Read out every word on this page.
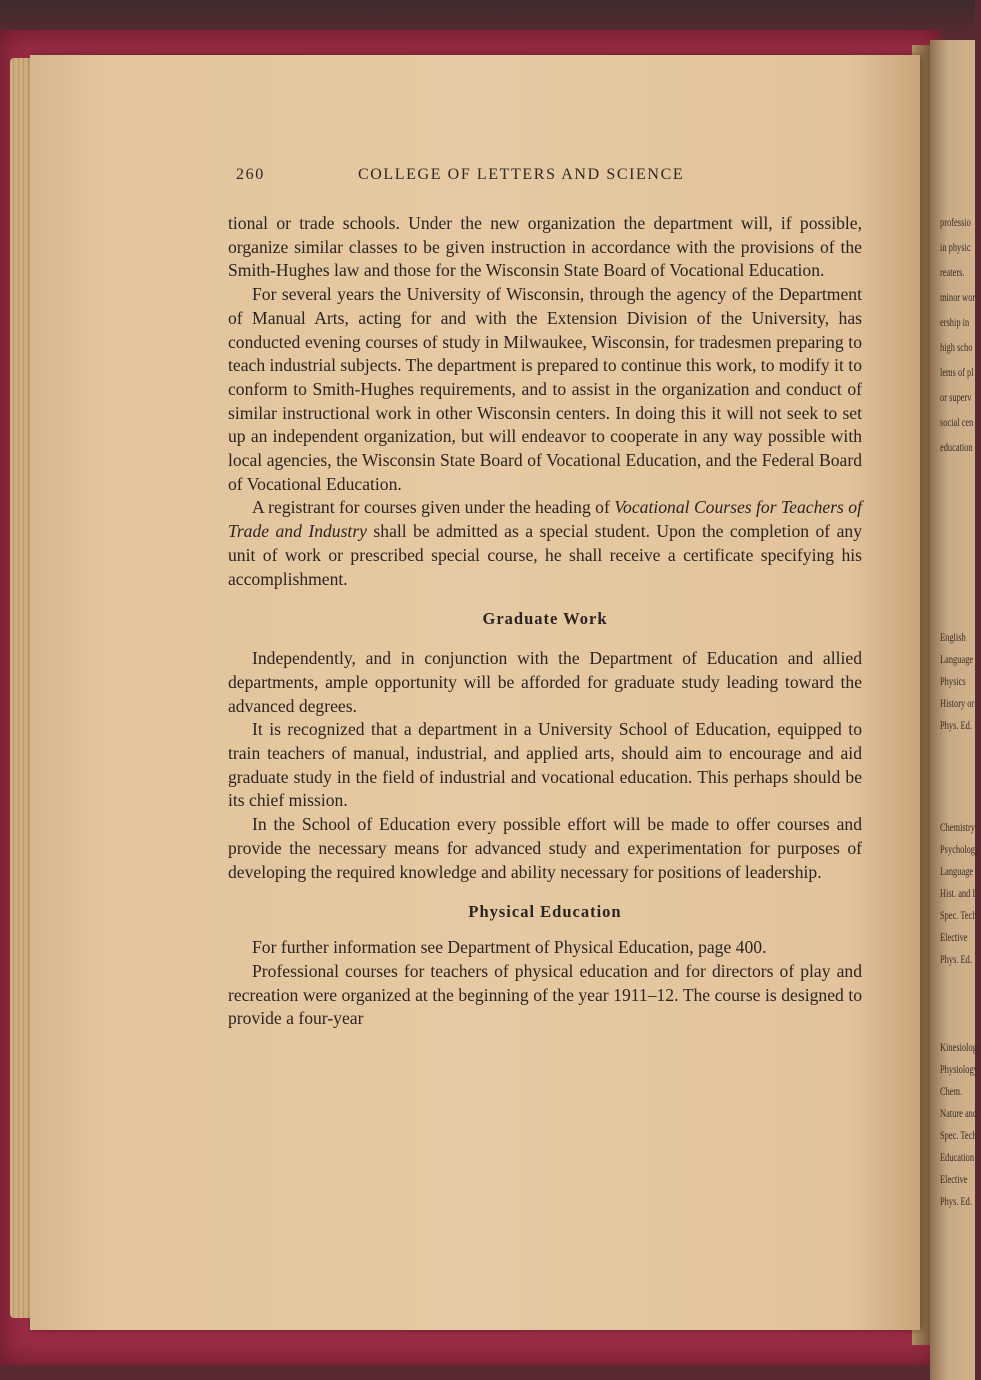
professio
in physic
reaters.
minor wor
ership in
high scho
lems of pl
or superv
social cen
education
English
Language
Physics
History or
Phys. Ed.
Chemistry
Psychology
Language
Hist. and I
Spec. Tech
Elective
Phys. Ed.
Kinesiology
Physiology
Chem.
Nature and
Spec. Tech
Education
Elective
Phys. Ed.
260	COLLEGE OF LETTERS AND SCIENCE

tional or trade schools. Under the new organization the department will, if possible, organize similar classes to be given instruction in accordance with the provisions of the Smith-Hughes law and those for the Wisconsin State Board of Vocational Education.

For several years the University of Wisconsin, through the agency of the Department of Manual Arts, acting for and with the Extension Division of the University, has conducted evening courses of study in Milwaukee, Wisconsin, for tradesmen preparing to teach industrial subjects. The department is prepared to continue this work, to modify it to conform to Smith-Hughes requirements, and to assist in the organization and conduct of similar instructional work in other Wisconsin centers. In doing this it will not seek to set up an independent organization, but will endeavor to cooperate in any way possible with local agencies, the Wisconsin State Board of Vocational Education, and the Federal Board of Vocational Education.

A registrant for courses given under the heading of Vocational Courses for Teachers of Trade and Industry shall be admitted as a special student. Upon the completion of any unit of work or prescribed special course, he shall receive a certificate specifying his accomplishment.

Graduate Work

Independently, and in conjunction with the Department of Education and allied departments, ample opportunity will be afforded for graduate study leading toward the advanced degrees.

It is recognized that a department in a University School of Education, equipped to train teachers of manual, industrial, and applied arts, should aim to encourage and aid graduate study in the field of industrial and vocational education. This perhaps should be its chief mission.

In the School of Education every possible effort will be made to offer courses and provide the necessary means for advanced study and experimentation for purposes of developing the required knowledge and ability necessary for positions of leadership.

Physical Education

For further information see Department of Physical Education, page 400.

Professional courses for teachers of physical education and for directors of play and recreation were organized at the beginning of the year 1911–12. The course is designed to provide a four-year
